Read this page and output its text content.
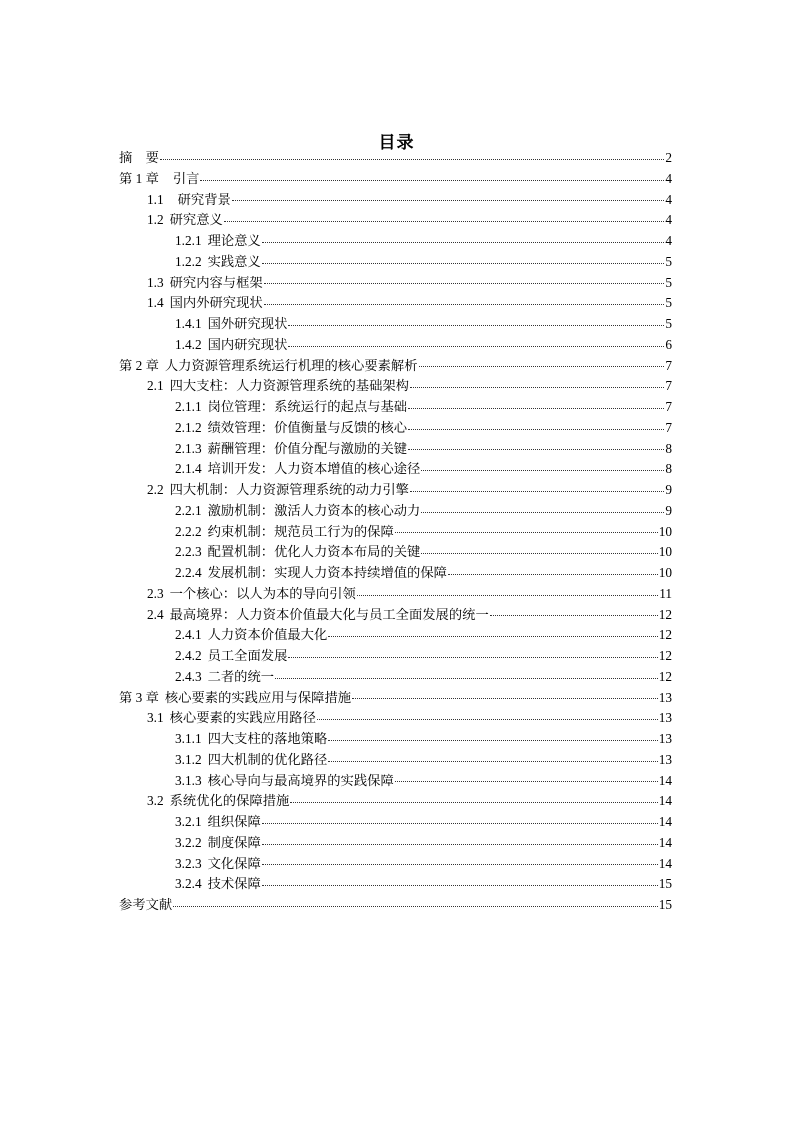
目录
摘　要	2
第 1 章 引言	4
1.1 研究背景	4
1.2 研究意义	4
1.2.1 理论意义	4
1.2.2 实践意义	5
1.3 研究内容与框架	5
1.4 国内外研究现状	5
1.4.1 国外研究现状	5
1.4.2 国内研究现状	6
第 2 章 人力资源管理系统运行机理的核心要素解析	7
2.1 四大支柱：人力资源管理系统的基础架构	7
2.1.1 岗位管理：系统运行的起点与基础	7
2.1.2 绩效管理：价值衡量与反馈的核心	7
2.1.3 薪酬管理：价值分配与激励的关键	8
2.1.4 培训开发：人力资本增值的核心途径	8
2.2 四大机制：人力资源管理系统的动力引擎	9
2.2.1 激励机制：激活人力资本的核心动力	9
2.2.2 约束机制：规范员工行为的保障	10
2.2.3 配置机制：优化人力资本布局的关键	10
2.2.4 发展机制：实现人力资本持续增值的保障	10
2.3 一个核心：以人为本的导向引领	11
2.4 最高境界：人力资本价值最大化与员工全面发展的统一	12
2.4.1 人力资本价值最大化	12
2.4.2 员工全面发展	12
2.4.3 二者的统一	12
第 3 章 核心要素的实践应用与保障措施	13
3.1 核心要素的实践应用路径	13
3.1.1 四大支柱的落地策略	13
3.1.2 四大机制的优化路径	13
3.1.3 核心导向与最高境界的实践保障	14
3.2 系统优化的保障措施	14
3.2.1 组织保障	14
3.2.2 制度保障	14
3.2.3 文化保障	14
3.2.4 技术保障	15
参考文献	15
